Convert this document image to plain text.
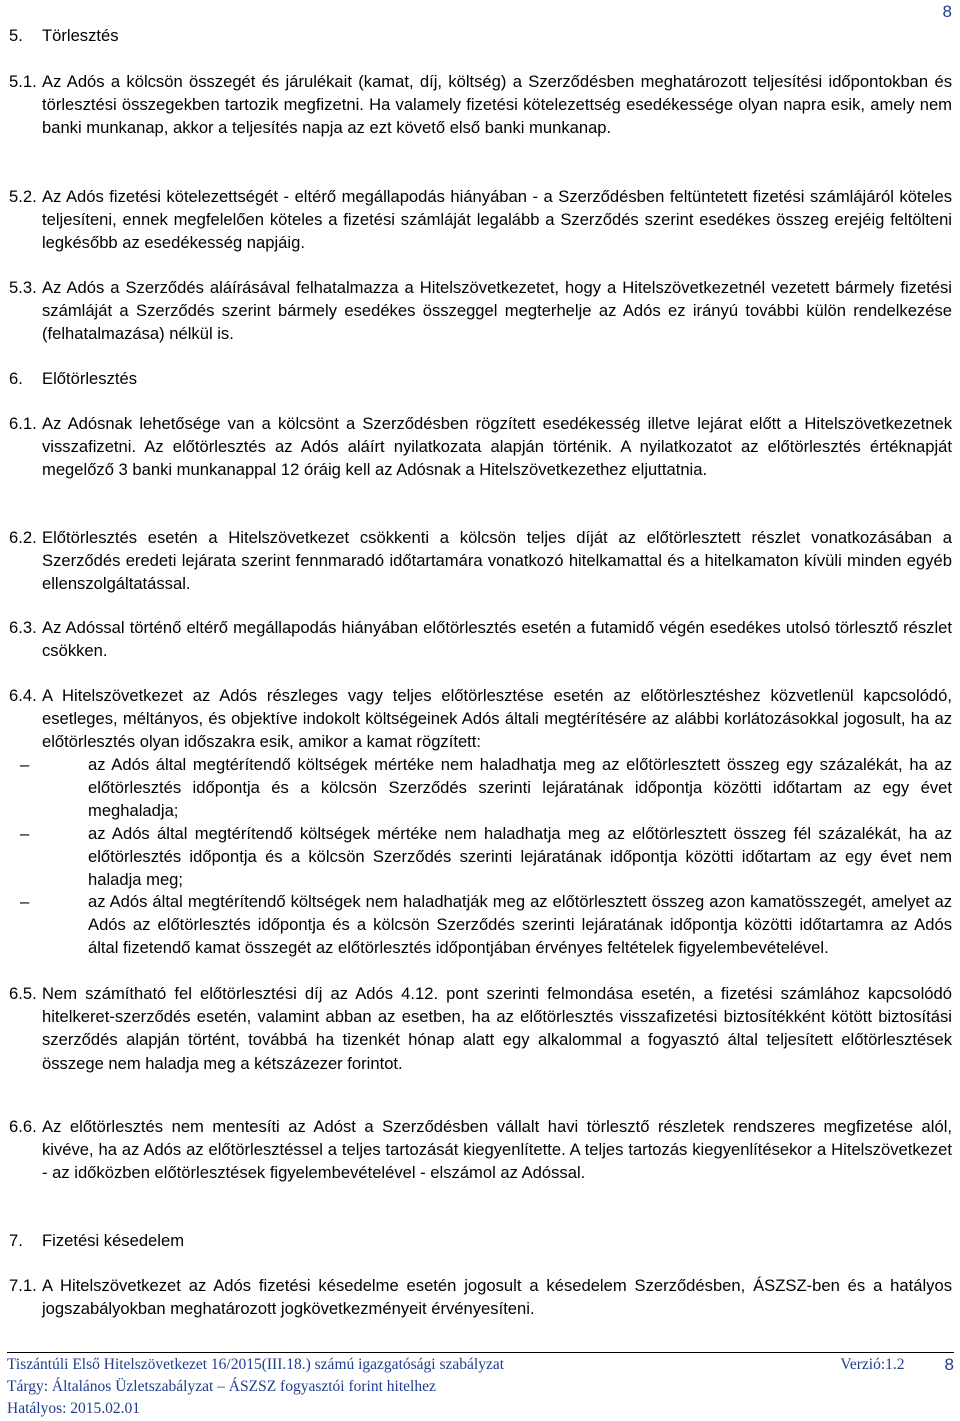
8
5.	Törlesztés
5.1. Az Adós a kölcsön összegét és járulékait (kamat, díj, költség) a Szerződésben meghatározott teljesítési időpontokban és törlesztési összegekben tartozik megfizetni. Ha valamely fizetési kötelezettség esedékessége olyan napra esik, amely nem banki munkanap, akkor a teljesítés napja az ezt követő első banki munkanap.
5.2. Az Adós fizetési kötelezettségét - eltérő megállapodás hiányában - a Szerződésben feltüntetett fizetési számlájáról köteles teljesíteni, ennek megfelelően köteles a fizetési számláját legalább a Szerződés szerint esedékes összeg erejéig feltölteni legkésőbb az esedékesség napjáig.
5.3. Az Adós a Szerződés aláírásával felhatalmazza a Hitelszövetkezetet, hogy a Hitelszövetkezetnél vezetett bármely fizetési számláját a Szerződés szerint bármely esedékes összeggel megterhelje az Adós ez irányú további külön rendelkezése (felhatalmazása) nélkül is.
6.	Előtörlesztés
6.1. Az Adósnak lehetősége van a kölcsönt a Szerződésben rögzített esedékesség illetve lejárat előtt a Hitelszövetkezetnek visszafizetni. Az előtörlesztés az Adós aláírt nyilatkozata alapján történik. A nyilatkozatot az előtörlesztés értéknapját megelőző 3 banki munkanappal 12 óráig kell az Adósnak a Hitelszövetkezethez eljuttatnia.
6.2. Előtörlesztés esetén a Hitelszövetkezet csökkenti a kölcsön teljes díját az előtörlesztett részlet vonatkozásában a Szerződés eredeti lejárata szerint fennmaradó időtartamára vonatkozó hitelkamattal és a hitelkamaton kívüli minden egyéb ellenszolgáltatással.
6.3. Az Adóssal történő eltérő megállapodás hiányában előtörlesztés esetén a futamidő végén esedékes utolsó törlesztő részlet csökken.
6.4. A Hitelszövetkezet az Adós részleges vagy teljes előtörlesztése esetén az előtörlesztéshez közvetlenül kapcsolódó, esetleges, méltányos, és objektíve indokolt költségeinek Adós általi megtérítésére az alábbi korlátozásokkal jogosult, ha az előtörlesztés olyan időszakra esik, amikor a kamat rögzített:
–	az Adós által megtérítendő költségek mértéke nem haladhatja meg az előtörlesztett összeg egy százalékát, ha az előtörlesztés időpontja és a kölcsön Szerződés szerinti lejáratának időpontja közötti időtartam az egy évet meghaladja;
–	az Adós által megtérítendő költségek mértéke nem haladhatja meg az előtörlesztett összeg fél százalékát, ha az előtörlesztés időpontja és a kölcsön Szerződés szerinti lejáratának időpontja közötti időtartam az egy évet nem haladja meg;
–	az Adós által megtérítendő költségek nem haladhatják meg az előtörlesztett összeg azon kamatösszegét, amelyet az Adós az előtörlesztés időpontja és a kölcsön Szerződés szerinti lejáratának időpontja közötti időtartamra az Adós által fizetendő kamat összegét az előtörlesztés időpontjában érvényes feltételek figyelembevételével.
6.5. Nem számítható fel előtörlesztési díj az Adós 4.12. pont szerinti felmondása esetén, a fizetési számlához kapcsolódó hitelkeret-szerződés esetén, valamint abban az esetben, ha az előtörlesztés visszafizetési biztosítékként kötött biztosítási szerződés alapján történt, továbbá ha tizenkét hónap alatt egy alkalommal a fogyasztó által teljesített előtörlesztések összege nem haladja meg a kétszázezer forintot.
6.6. Az előtörlesztés nem mentesíti az Adóst a Szerződésben vállalt havi törlesztő részletek rendszeres megfizetése alól, kivéve, ha az Adós az előtörlesztéssel a teljes tartozását kiegyenlítette. A teljes tartozás kiegyenlítésekor a Hitelszövetkezet - az időközben előtörlesztések figyelembevételével - elszámol az Adóssal.
7.	Fizetési késedelem
7.1. A Hitelszövetkezet az Adós fizetési késedelme esetén jogosult a késedelem Szerződésben, ÁSZSZ-ben és a hatályos jogszabályokban meghatározott jogkövetkezményeit érvényesíteni.
Tiszántúli Első Hitelszövetkezet 16/2015(III.18.) számú igazgatósági szabályzat	Verzió:1.2 8
Tárgy: Általános Üzletszabályzat – ÁSZSZ fogyasztói forint hitelhez
Hatályos: 2015.02.01
